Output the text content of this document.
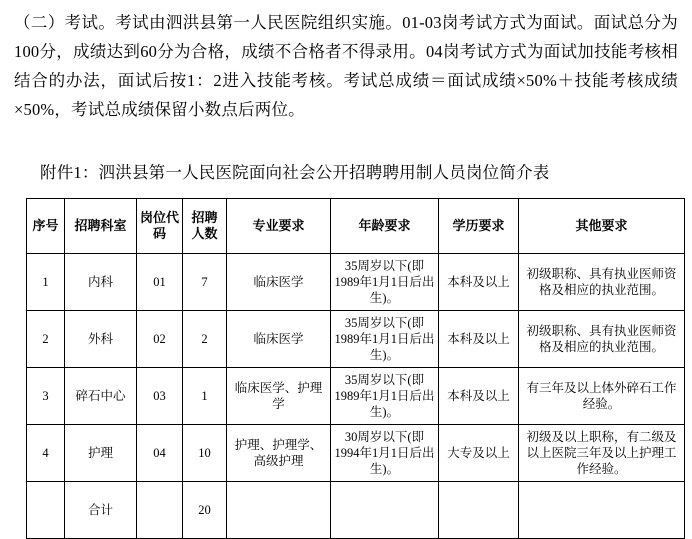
（二）考试。考试由泗洪县第一人民医院组织实施。01-03岗考试方式为面试。面试总分为100分，成绩达到60分为合格，成绩不合格者不得录用。04岗考试方式为面试加技能考核相结合的办法，面试后按1：2进入技能考核。考试总成绩＝面试成绩×50%＋技能考核成绩×50%，考试总成绩保留小数点后两位。

附件1：泗洪县第一人民医院面向社会公开招聘聘用制人员岗位简介表
序号	招聘科室	岗位代码	招聘人数	专业要求	年龄要求	学历要求	其他要求
1	内科	01	7	临床医学	35周岁以下(即1989年1月1日后出生)。	本科及以上	初级职称、具有执业医师资格及相应的执业范围。
2	外科	02	2	临床医学	35周岁以下(即1989年1月1日后出生)。	本科及以上	初级职称、具有执业医师资格及相应的执业范围。
3	碎石中心	03	1	临床医学、护理学	35周岁以下(即1989年1月1日后出生)。	本科及以上	有三年及以上体外碎石工作经验。
4	护理	04	10	护理、护理学、高级护理	30周岁以下(即1994年1月1日后出生)。	大专及以上	初级及以上职称，有二级及以上医院三年及以上护理工作经验。
	合计		20				
